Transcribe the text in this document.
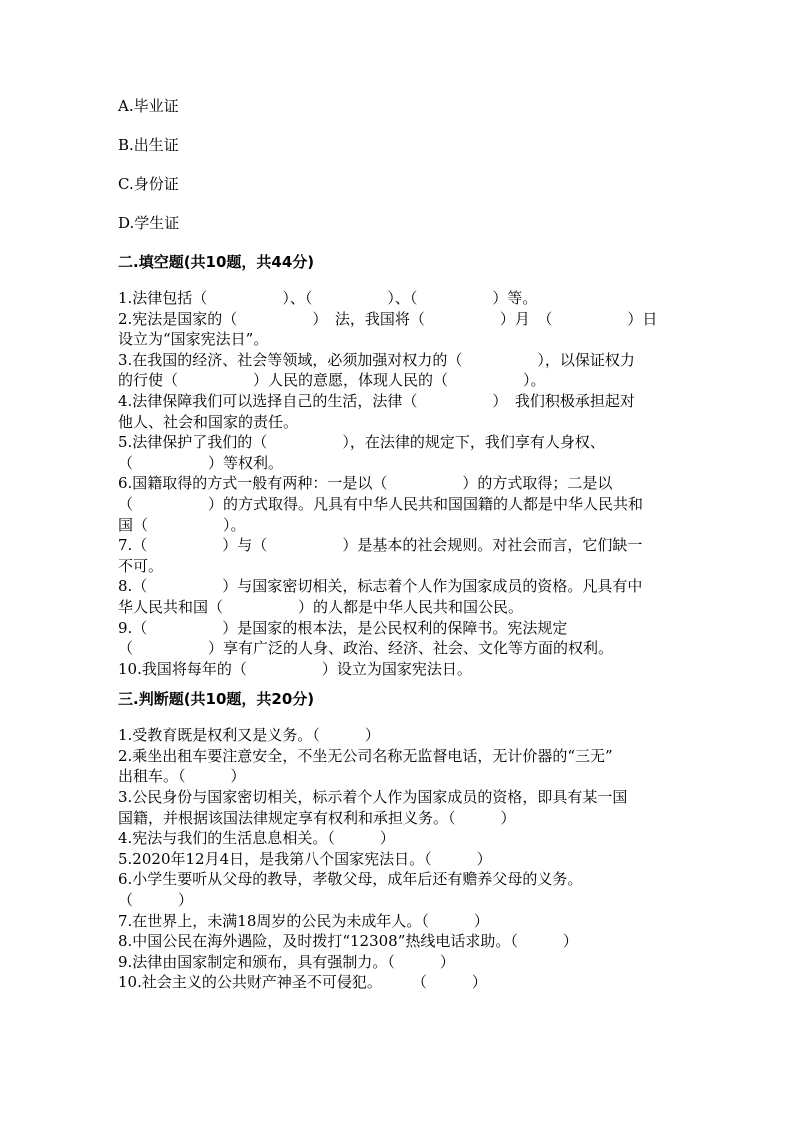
A.毕业证
B.出生证
C.身份证
D.学生证
二.填空题(共10题，共44分)
1.法律包括（　　　　　）、（　　　　　）、（　　　　　）等。
2.宪法是国家的（　　　　　）　法，我国将（　　　　　）月　（　　　　　）日
设立为“国家宪法日”。
3.在我国的经济、社会等领域，必须加强对权力的（　　　　　），以保证权力
的行使（　　　　　）人民的意愿，体现人民的（　　　　　）。
4.法律保障我们可以选择自己的生活，法律（　　　　　）　我们积极承担起对
他人、社会和国家的责任。
5.法律保护了我们的（　　　　　），在法律的规定下，我们享有人身权、
（　　　　　）等权利。
6.国籍取得的方式一般有两种：一是以（　　　　　）的方式取得；二是以
（　　　　　）的方式取得。凡具有中华人民共和国国籍的人都是中华人民共和
国（　　　　　）。
7.（　　　　　）与（　　　　　）是基本的社会规则。对社会而言，它们缺一
不可。
8.（　　　　　）与国家密切相关，标志着个人作为国家成员的资格。凡具有中
华人民共和国（　　　　　）的人都是中华人民共和国公民。
9.（　　　　　）是国家的根本法，是公民权利的保障书。宪法规定
（　　　　　）享有广泛的人身、政治、经济、社会、文化等方面的权利。
10.我国将每年的（　　　　　）设立为国家宪法日。
三.判断题(共10题，共20分)
1.受教育既是权利又是义务。（　　　）
2.乘坐出租车要注意安全，不坐无公司名称无监督电话，无计价器的“三无”
出租车。（　　　）
3.公民身份与国家密切相关，标示着个人作为国家成员的资格，即具有某一国
国籍，并根据该国法律规定享有权利和承担义务。（　　　）
4.宪法与我们的生活息息相关。（　　　）
5.2020年12月4日，是我第八个国家宪法日。（　　　）
6.小学生要听从父母的教导，孝敬父母，成年后还有赡养父母的义务。
（　　　）
7.在世界上，未满18周岁的公民为未成年人。（　　　）
8.中国公民在海外遇险，及时拨打“12308”热线电话求助。（　　　）
9.法律由国家制定和颁布，具有强制力。（　　　）
10.社会主义的公共财产神圣不可侵犯。　　　（　　　）
